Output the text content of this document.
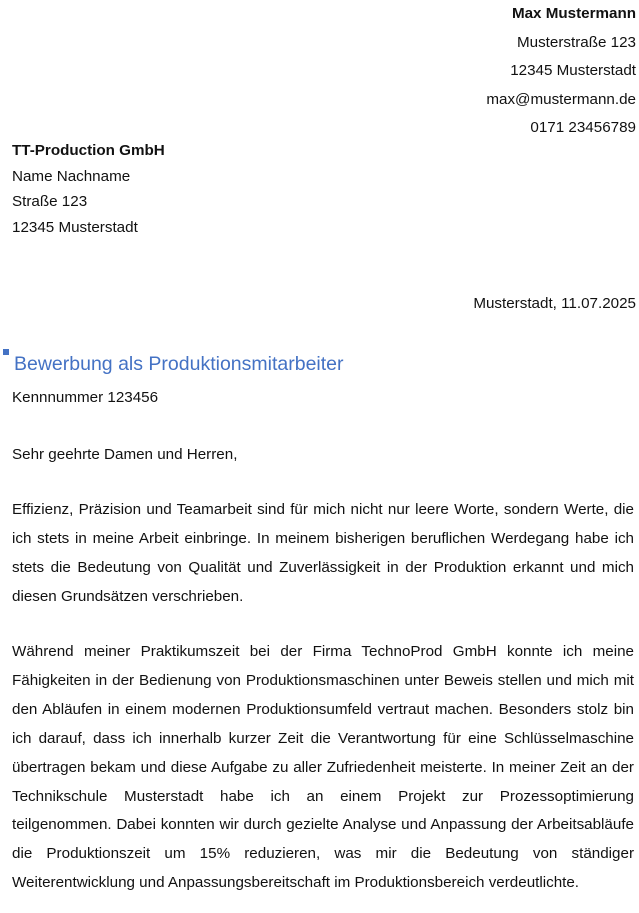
Max Mustermann
Musterstraße 123
12345 Musterstadt
max@mustermann.de
0171 23456789
TT-Production GmbH
Name Nachname
Straße 123
12345 Musterstadt
Musterstadt, 11.07.2025
Bewerbung als Produktionsmitarbeiter
Kennnummer 123456
Sehr geehrte Damen und Herren,

Effizienz, Präzision und Teamarbeit sind für mich nicht nur leere Worte, sondern Werte, die ich stets in meine Arbeit einbringe. In meinem bisherigen beruflichen Werdegang habe ich stets die Bedeutung von Qualität und Zuverlässigkeit in der Produktion erkannt und mich diesen Grundsätzen verschrieben.

Während meiner Praktikumszeit bei der Firma TechnoProd GmbH konnte ich meine Fähigkeiten in der Bedienung von Produktionsmaschinen unter Beweis stellen und mich mit den Abläufen in einem modernen Produktionsumfeld vertraut machen. Besonders stolz bin ich darauf, dass ich innerhalb kurzer Zeit die Verantwortung für eine Schlüsselmaschine übertragen bekam und diese Aufgabe zu aller Zufriedenheit meisterte. In meiner Zeit an der Technikschule Musterstadt habe ich an einem Projekt zur Prozessoptimierung teilgenommen. Dabei konnten wir durch gezielte Analyse und Anpassung der Arbeitsabläufe die Produktionszeit um 15% reduzieren, was mir die Bedeutung von ständiger Weiterentwicklung und Anpassungsbereitschaft im Produktionsbereich verdeutlichte.
